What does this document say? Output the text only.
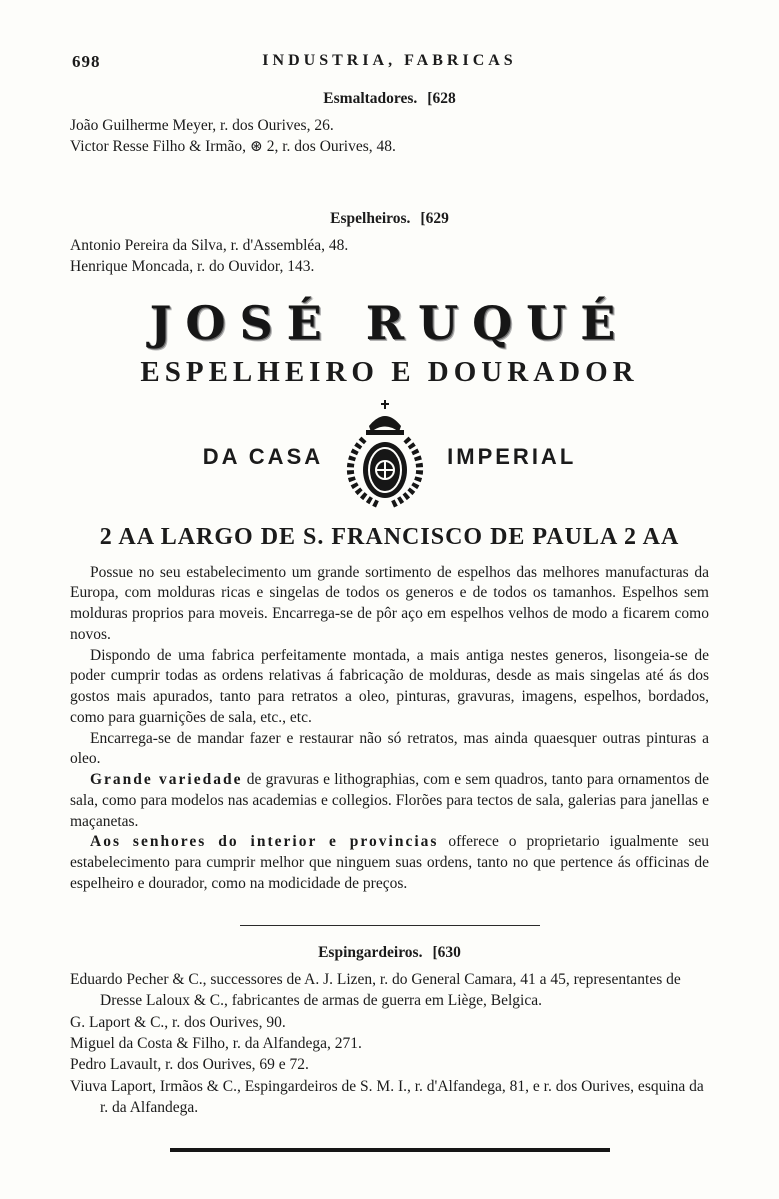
698	INDUSTRIA, FABRICAS
Esmaltadores. [628
João Guilherme Meyer, r. dos Ourives, 26.
Victor Resse Filho & Irmão, ⊛ 2, r. dos Ourives, 48.
Espelheiros. [629
Antonio Pereira da Silva, r. d'Assembléa, 48.
Henrique Moncada, r. do Ouvidor, 143.
JOSÉ RUQUÉ
ESPELHEIRO E DOURADOR
DA CASA	IMPERIAL
2 AA LARGO DE S. FRANCISCO DE PAULA 2 AA

Possue no seu estabelecimento um grande sortimento de espelhos das melhores manufacturas da Europa, com molduras ricas e singelas de todos os generos e de todos os tamanhos. Espelhos sem molduras proprios para moveis. Encarrega-se de pôr aço em espelhos velhos de modo a ficarem como novos.

Dispondo de uma fabrica perfeitamente montada, a mais antiga nestes generos, lisongeia-se de poder cumprir todas as ordens relativas á fabricação de molduras, desde as mais singelas até ás dos gostos mais apurados, tanto para retratos a oleo, pinturas, gravuras, imagens, espelhos, bordados, como para guarnições de sala, etc., etc.

Encarrega-se de mandar fazer e restaurar não só retratos, mas ainda quaesquer outras pinturas a oleo.

Grande variedade de gravuras e lithographias, com e sem quadros, tanto para ornamentos de sala, como para modelos nas academias e collegios. Florões para tectos de sala, galerias para janellas e maçanetas.

Aos senhores do interior e provincias offerece o proprietario igualmente seu estabelecimento para cumprir melhor que ninguem suas ordens, tanto no que pertence ás officinas de espelheiro e dourador, como na modicidade de preços.

Espingardeiros. [630
Eduardo Pecher & C., successores de A. J. Lizen, r. do General Camara, 41 a 45, representantes de Dresse Laloux & C., fabricantes de armas de guerra em Liège, Belgica.
G. Laport & C., r. dos Ourives, 90.
Miguel da Costa & Filho, r. da Alfandega, 271.
Pedro Lavault, r. dos Ourives, 69 e 72.
Viuva Laport, Irmãos & C., Espingardeiros de S. M. I., r. d'Alfandega, 81, e r. dos Ourives, esquina da r. da Alfandega.
